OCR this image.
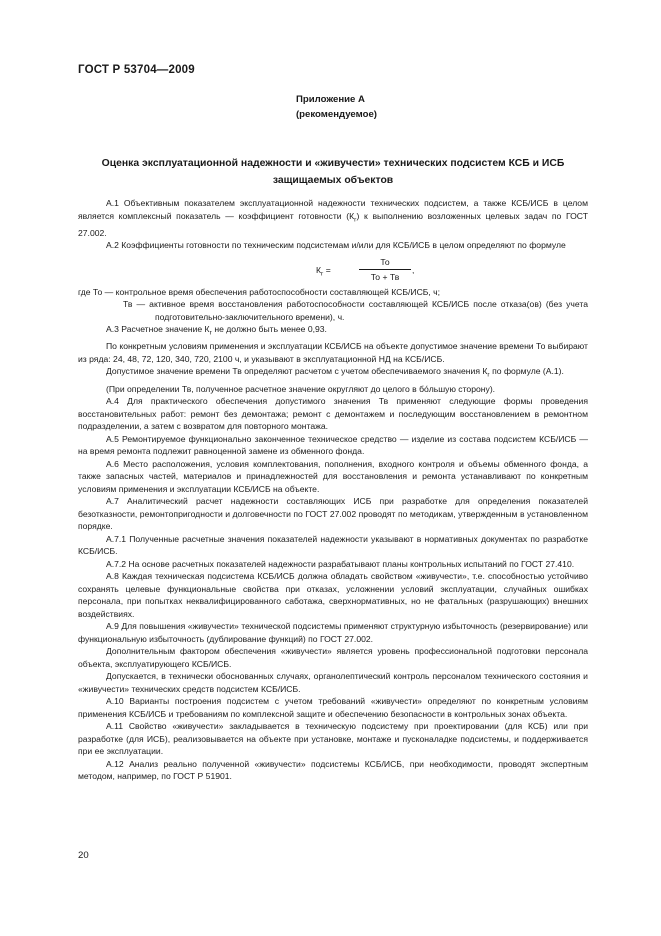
ГОСТ Р 53704—2009
Приложение А
(рекомендуемое)
Оценка эксплуатационной надежности и «живучести» технических подсистем КСБ и ИСБ
защищаемых объектов

А.1 Объективным показателем эксплуатационной надежности технических подсистем, а также КСБ/ИСБ в целом является комплексный показатель — коэффициент готовности $(К_г)$ к выполнению возложенных целевых задач по ГОСТ 27.002.

А.2 Коэффициенты готовности по техническим подсистемам и/или для КСБ/ИСБ в целом определяют по формуле

$К_г$ =
То
То + Тв
,

где То — контрольное время обеспечения работоспособности составляющей КСБ/ИСБ, ч;

Тв — активное время восстановления работоспособности составляющей КСБ/ИСБ после отказа(ов) (без учета подготовительно-заключительного времени), ч.

А.3 Расчетное значение $К_г$ не должно быть менее 0,93.

По конкретным условиям применения и эксплуатации КСБ/ИСБ на объекте допустимое значение времени То выбирают из ряда: 24, 48, 72, 120, 340, 720, 2100 ч, и указывают в эксплуатационной НД на КСБ/ИСБ.

Допустимое значение времени Тв определяют расчетом с учетом обеспечиваемого значения $К_г$ по формуле (А.1).

(При определении Тв, полученное расчетное значение округляют до целого в бо́льшую сторону).

А.4 Для практического обеспечения допустимого значения Тв применяют следующие формы проведения восстановительных работ: ремонт без демонтажа; ремонт с демонтажем и последующим восстановлением в ремонтном подразделении, а затем с возвратом для повторного монтажа.

А.5 Ремонтируемое функционально законченное техническое средство — изделие из состава подсистем КСБ/ИСБ — на время ремонта подлежит равноценной замене из обменного фонда.

А.6 Место расположения, условия комплектования, пополнения, входного контроля и объемы обменного фонда, а также запасных частей, материалов и принадлежностей для восстановления и ремонта устанавливают по конкретным условиям применения и эксплуатации КСБ/ИСБ на объекте.

А.7 Аналитический расчет надежности составляющих ИСБ при разработке для определения показателей безотказности, ремонтопригодности и долговечности по ГОСТ 27.002 проводят по методикам, утвержденным в установленном порядке.

А.7.1 Полученные расчетные значения показателей надежности указывают в нормативных документах по разработке КСБ/ИСБ.

А.7.2 На основе расчетных показателей надежности разрабатывают планы контрольных испытаний по ГОСТ 27.410.

А.8 Каждая техническая подсистема КСБ/ИСБ должна обладать свойством «живучести», т.е. способностью устойчиво сохранять целевые функциональные свойства при отказах, усложнении условий эксплуатации, случайных ошибках персонала, при попытках неквалифицированного саботажа, сверхнормативных, но не фатальных (разрушающих) внешних воздействиях.

А.9 Для повышения «живучести» технической подсистемы применяют структурную избыточность (резервирование) или функциональную избыточность (дублирование функций) по ГОСТ 27.002.

Дополнительным фактором обеспечения «живучести» является уровень профессиональной подготовки персонала объекта, эксплуатирующего КСБ/ИСБ.

Допускается, в технически обоснованных случаях, органолептический контроль персоналом технического состояния и «живучести» технических средств подсистем КСБ/ИСБ.

А.10 Варианты построения подсистем с учетом требований «живучести» определяют по конкретным условиям применения КСБ/ИСБ и требованиям по комплексной защите и обеспечению безопасности в контрольных зонах объекта.

А.11 Свойство «живучести» закладывается в техническую подсистему при проектировании (для КСБ) или при разработке (для ИСБ), реализовывается на объекте при установке, монтаже и пусконаладке подсистемы, и поддерживается при ее эксплуатации.

А.12 Анализ реально полученной «живучести» подсистемы КСБ/ИСБ, при необходимости, проводят экспертным методом, например, по ГОСТ Р 51901.

20
